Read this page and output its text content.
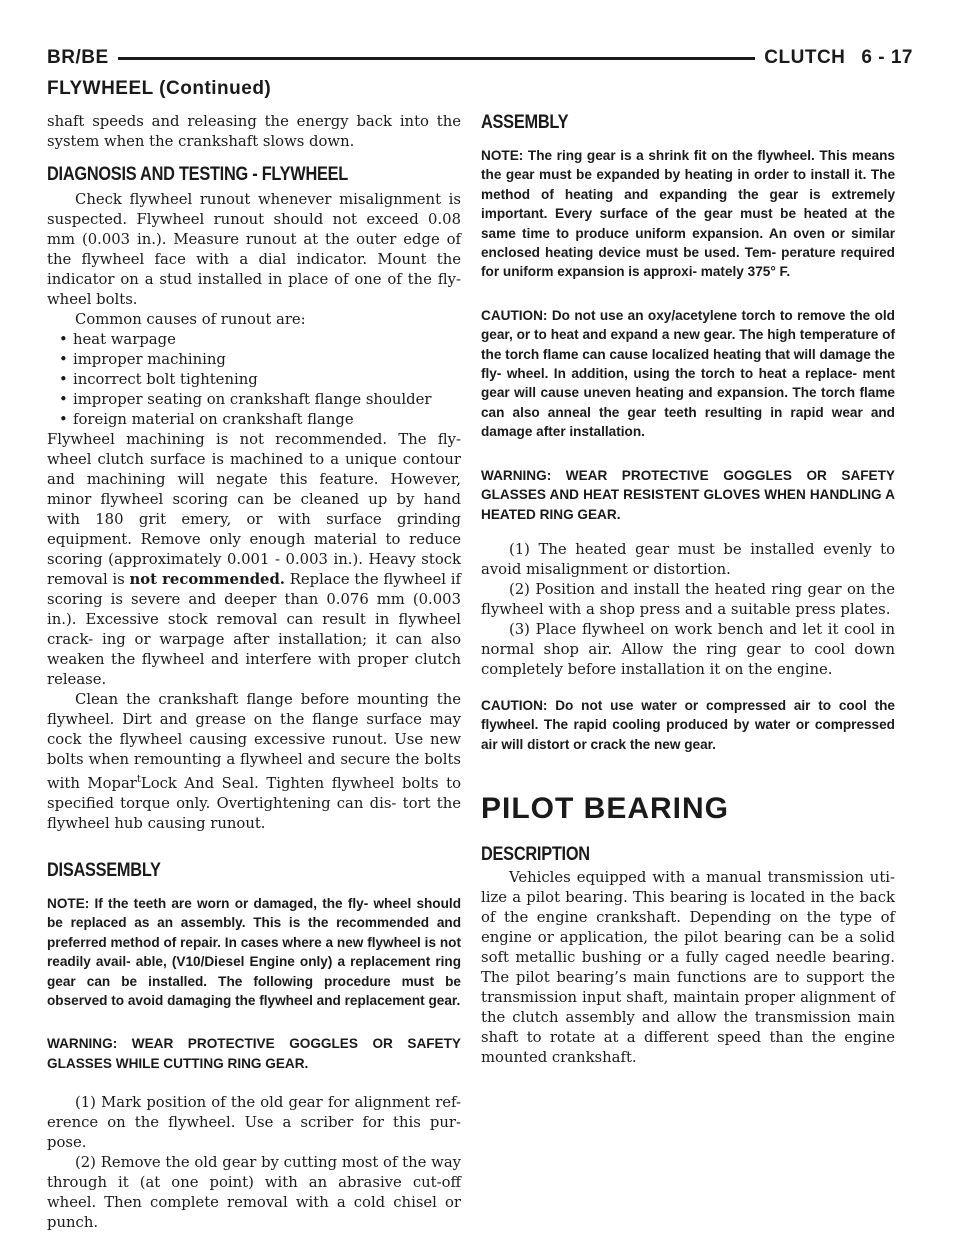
BR/BE	CLUTCH 6 - 17
FLYWHEEL (Continued)

shaft speeds and releasing the energy back into the system when the crankshaft slows down.

DIAGNOSIS AND TESTING - FLYWHEEL

Check flywheel runout whenever misalignment is suspected. Flywheel runout should not exceed 0.08 mm (0.003 in.). Measure runout at the outer edge of the flywheel face with a dial indicator. Mount the indicator on a stud installed in place of one of the fly- wheel bolts.

Common causes of runout are:

• heat warpage
• improper machining
• incorrect bolt tightening
• improper seating on crankshaft flange shoulder
• foreign material on crankshaft flange

Flywheel machining is not recommended. The fly- wheel clutch surface is machined to a unique contour and machining will negate this feature. However, minor flywheel scoring can be cleaned up by hand with 180 grit emery, or with surface grinding equipment. Remove only enough material to reduce scoring (approximately 0.001 - 0.003 in.). Heavy stock removal is not recommended. Replace the flywheel if scoring is severe and deeper than 0.076 mm (0.003 in.). Excessive stock removal can result in flywheel crack- ing or warpage after installation; it can also weaken the flywheel and interfere with proper clutch release.

Clean the crankshaft flange before mounting the flywheel. Dirt and grease on the flange surface may cock the flywheel causing excessive runout. Use new bolts when remounting a flywheel and secure the bolts with Mopar$^t$Lock And Seal. Tighten flywheel bolts to specified torque only. Overtightening can dis- tort the flywheel hub causing runout.

DISASSEMBLY

NOTE: If the teeth are worn or damaged, the fly- wheel should be replaced as an assembly. This is the recommended and preferred method of repair. In cases where a new flywheel is not readily avail- able, (V10/Diesel Engine only) a replacement ring gear can be installed. The following procedure must be observed to avoid damaging the flywheel and replacement gear.

WARNING: WEAR PROTECTIVE GOGGLES OR SAFETY GLASSES WHILE CUTTING RING GEAR.

(1) Mark position of the old gear for alignment ref- erence on the flywheel. Use a scriber for this pur- pose.

(2) Remove the old gear by cutting most of the way through it (at one point) with an abrasive cut-off wheel. Then complete removal with a cold chisel or punch.

ASSEMBLY

NOTE: The ring gear is a shrink fit on the flywheel. This means the gear must be expanded by heating in order to install it. The method of heating and expanding the gear is extremely important. Every surface of the gear must be heated at the same time to produce uniform expansion. An oven or similar enclosed heating device must be used. Tem- perature required for uniform expansion is approxi- mately 375° F.

CAUTION: Do not use an oxy/acetylene torch to remove the old gear, or to heat and expand a new gear. The high temperature of the torch flame can cause localized heating that will damage the fly- wheel. In addition, using the torch to heat a replace- ment gear will cause uneven heating and expansion. The torch flame can also anneal the gear teeth resulting in rapid wear and damage after installation.

WARNING: WEAR PROTECTIVE GOGGLES OR SAFETY GLASSES AND HEAT RESISTENT GLOVES WHEN HANDLING A HEATED RING GEAR.

(1) The heated gear must be installed evenly to avoid misalignment or distortion.

(2) Position and install the heated ring gear on the flywheel with a shop press and a suitable press plates.

(3) Place flywheel on work bench and let it cool in normal shop air. Allow the ring gear to cool down completely before installation it on the engine.

CAUTION: Do not use water or compressed air to cool the flywheel. The rapid cooling produced by water or compressed air will distort or crack the new gear.

PILOT BEARING
DESCRIPTION

Vehicles equipped with a manual transmission uti- lize a pilot bearing. This bearing is located in the back of the engine crankshaft. Depending on the type of engine or application, the pilot bearing can be a solid soft metallic bushing or a fully caged needle bearing. The pilot bearing’s main functions are to support the transmission input shaft, maintain proper alignment of the clutch assembly and allow the transmission main shaft to rotate at a different speed than the engine mounted crankshaft.
